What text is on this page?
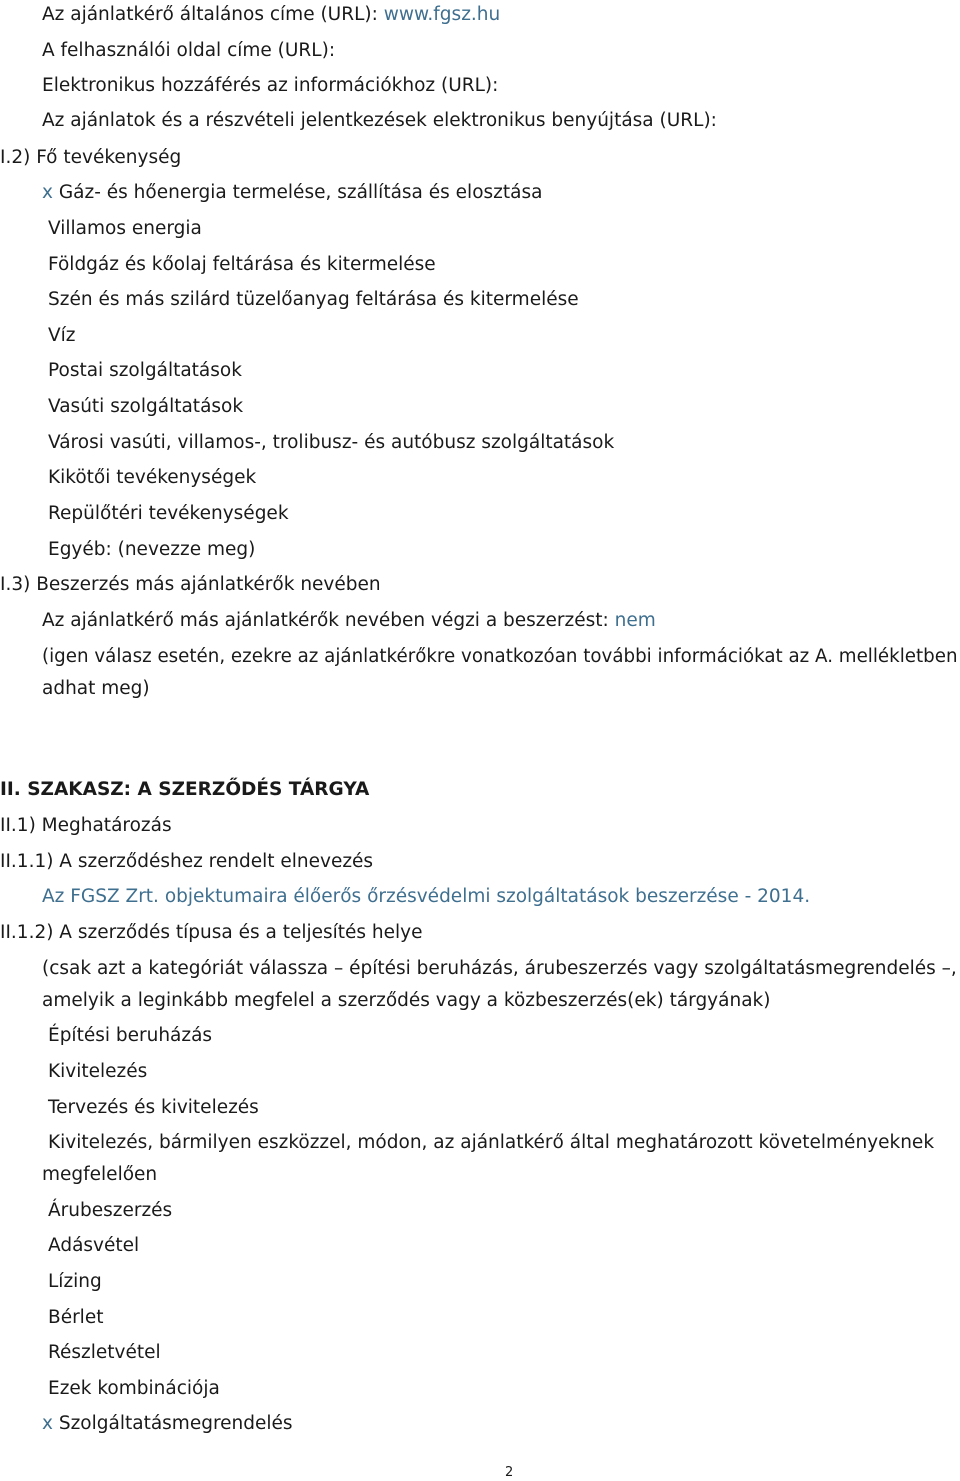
Az ajánlatkérő általános címe (URL): www.fgsz.hu

A felhasználói oldal címe (URL):

Elektronikus hozzáférés az információkhoz (URL):

Az ajánlatok és a részvételi jelentkezések elektronikus benyújtása (URL):

I.2) Fő tevékenység

x Gáz- és hőenergia termelése, szállítása és elosztása

Villamos energia

Földgáz és kőolaj feltárása és kitermelése

Szén és más szilárd tüzelőanyag feltárása és kitermelése

Víz

Postai szolgáltatások

Vasúti szolgáltatások

Városi vasúti, villamos-, trolibusz- és autóbusz szolgáltatások

Kikötői tevékenységek

Repülőtéri tevékenységek

Egyéb: (nevezze meg)

I.3) Beszerzés más ajánlatkérők nevében

Az ajánlatkérő más ajánlatkérők nevében végzi a beszerzést: nem

(igen válasz esetén, ezekre az ajánlatkérőkre vonatkozóan további információkat az A. mellékletben

adhat meg)

II. SZAKASZ: A SZERZŐDÉS TÁRGYA

II.1) Meghatározás

II.1.1) A szerződéshez rendelt elnevezés

Az FGSZ Zrt. objektumaira élőerős őrzésvédelmi szolgáltatások beszerzése - 2014.

II.1.2) A szerződés típusa és a teljesítés helye

(csak azt a kategóriát válassza – építési beruházás, árubeszerzés vagy szolgáltatásmegrendelés –,

amelyik a leginkább megfelel a szerződés vagy a közbeszerzés(ek) tárgyának)

Építési beruházás

Kivitelezés

Tervezés és kivitelezés

Kivitelezés, bármilyen eszközzel, módon, az ajánlatkérő által meghatározott követelményeknek

megfelelően

Árubeszerzés

Adásvétel

Lízing

Bérlet

Részletvétel

Ezek kombinációja

x Szolgáltatásmegrendelés

2
